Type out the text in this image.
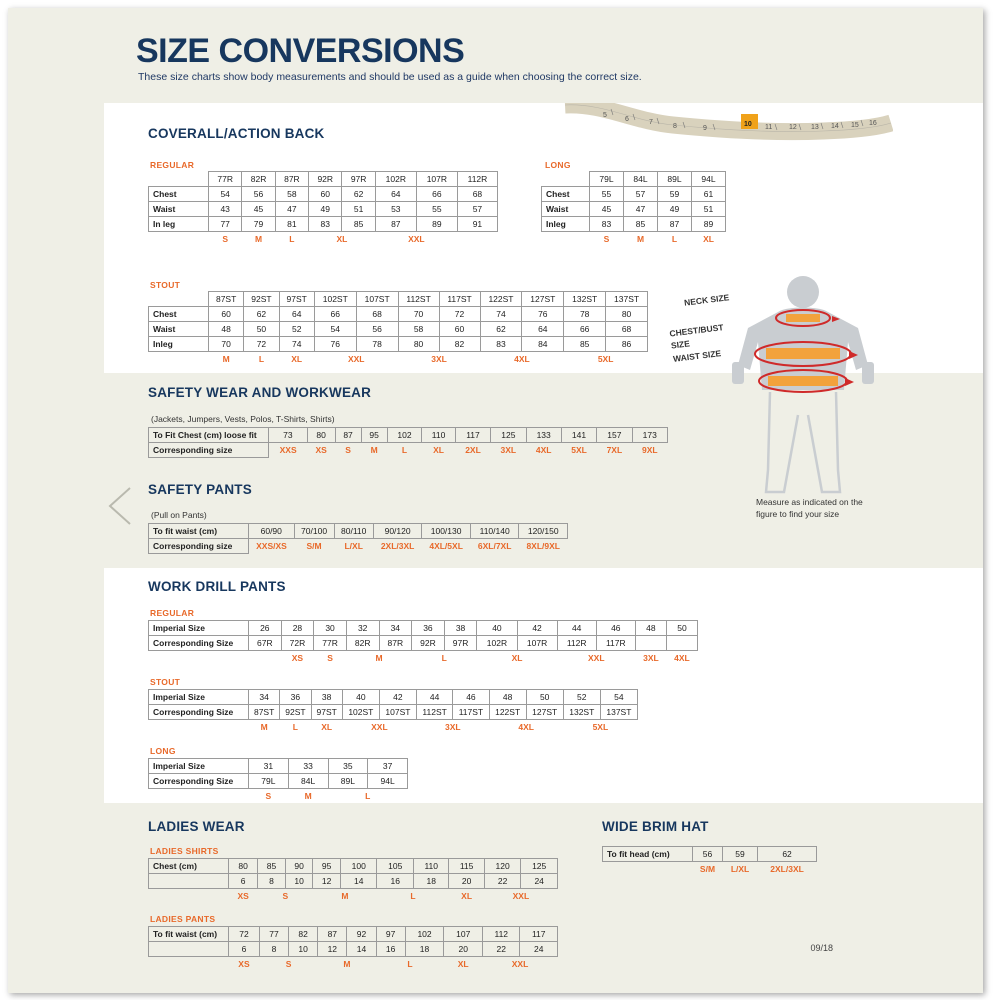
SIZE CONVERSIONS
These size charts show body measurements and should be used as a guide when choosing the correct size.
5
6	7
8	9
10 11 12 13 14 15 16
COVERALL/ACTION BACK
REGULAR
	77R	82R	87R	92R	97R	102R	107R	112R
Chest	54	56	58	60	62	64	66	68
Waist	43	45	47	49	51	53	55	57
In leg	77	79	81	83	85	87	89	91
	S	M	L	XL		XXL		
LONG
	79L	84L	89L	94L
Chest	55	57	59	61
Waist	45	47	49	51
Inleg	83	85	87	89
	S	M	L	XL
STOUT
	87ST	92ST	97ST	102ST	107ST	112ST	117ST	122ST	127ST	132ST	137ST
Chest	60	62	64	66	68	70	72	74	76	78	80
Waist	48	50	52	54	56	58	60	62	64	66	68
Inleg	70	72	74	76	78	80	82	83	84	85	86
	M	L	XL	XXL		3XL		4XL		5XL	
SAFETY WEAR AND WORKWEAR
(Jackets, Jumpers, Vests, Polos, T-Shirts, Shirts)
To Fit Chest (cm) loose fit	73	80	87	95	102	110	117	125	133	141	157	173
Corresponding size	XXS	XS	S	M	L	XL	2XL	3XL	4XL	5XL	7XL	9XL
SAFETY PANTS
(Pull on Pants)
To fit waist (cm)	60/90	70/100	80/110	90/120	100/130	110/140	120/150
Corresponding size	XXS/XS	S/M	L/XL	2XL/3XL	4XL/5XL	6XL/7XL	8XL/9XL
WORK DRILL PANTS
REGULAR
Imperial Size	26	28	30	32	34	36	38	40	42	44	46	48	50
Corresponding Size	67R	72R	77R	82R	87R	92R	97R	102R	107R	112R	117R		
		XS	S	M		L		XL		XXL		3XL	4XL
STOUT
Imperial Size	34	36	38	40	42	44	46	48	50	52	54
Corresponding Size	87ST	92ST	97ST	102ST	107ST	112ST	117ST	122ST	127ST	132ST	137ST
	M	L	XL	XXL		3XL		4XL		5XL	
LONG
Imperial Size	31	33	35	37
Corresponding Size	79L	84L	89L	94L
	S	M	L	
LADIES WEAR
LADIES SHIRTS
Chest (cm)	80	85	90	95	100	105	110	115	120	125
	6	8	10	12	14	16	18	20	22	24
	XS	S		M		L		XL	XXL	
LADIES PANTS
To fit waist (cm)	72	77	82	87	92	97	102	107	112	117
	6	8	10	12	14	16	18	20	22	24
	XS	S		M		L		XL	XXL	
WIDE BRIM HAT
To fit head (cm)	56	59	62
	S/M	L/XL	2XL/3XL
NECK SIZE
CHEST/BUST SIZE
WAIST SIZE
Measure as indicated on the figure to find your size
09/18
